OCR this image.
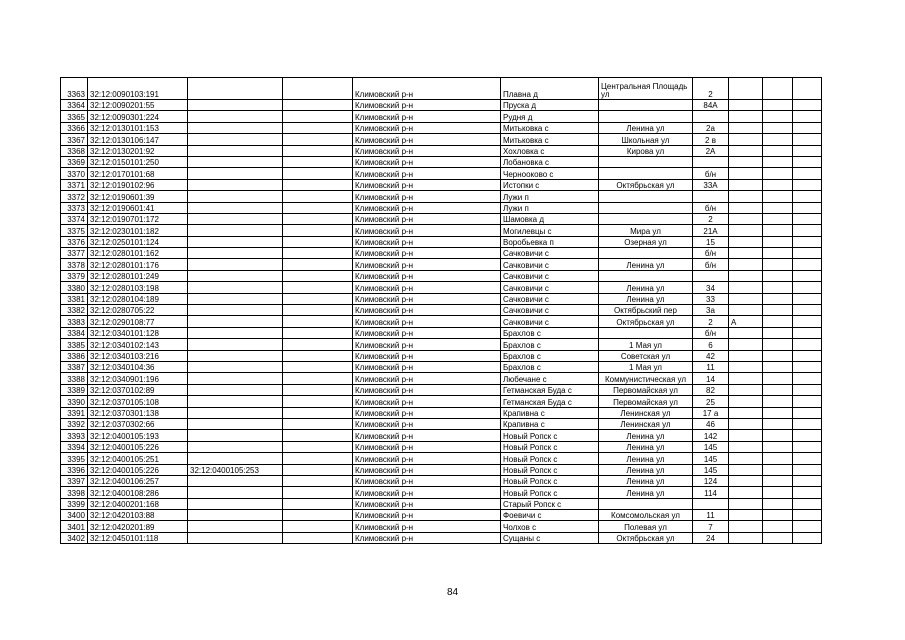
3363	32:12:0090103:191			Климовский р-н	Плавна д	Центральная Площадь ул	2			
3364	32:12:0090201:55			Климовский р-н	Пруска д		84А			
3365	32:12:0090301:224			Климовский р-н	Рудня д					
3366	32:12:0130101:153			Климовский р-н	Митьковка с	Ленина ул	2а			
3367	32:12:0130106:147			Климовский р-н	Митьковка с	Школьная ул	2 в			
3368	32:12:0130201:92			Климовский р-н	Хохловка с	Кирова ул	2А			
3369	32:12:0150101:250			Климовский р-н	Лобановка с					
3370	32:12:0170101:68			Климовский р-н	Чернооково с		б/н			
3371	32:12:0190102:96			Климовский р-н	Истопки с	Октябрьская ул	33А			
3372	32:12:0190601:39			Климовский р-н	Лужи п					
3373	32:12:0190601:41			Климовский р-н	Лужи п		б/н			
3374	32:12:0190701:172			Климовский р-н	Шамовка д		2			
3375	32:12:0230101:182			Климовский р-н	Могилевцы с	Мира ул	21А			
3376	32:12:0250101:124			Климовский р-н	Воробьевка п	Озерная ул	15			
3377	32:12:0280101:162			Климовский р-н	Сачковичи с		б/н			
3378	32:12:0280101:176			Климовский р-н	Сачковичи с	Ленина ул	б/н			
3379	32:12:0280101:249			Климовский р-н	Сачковичи с					
3380	32:12:0280103:198			Климовский р-н	Сачковичи с	Ленина ул	34			
3381	32:12:0280104:189			Климовский р-н	Сачковичи с	Ленина ул	33			
3382	32:12:0280705:22			Климовский р-н	Сачковичи с	Октябрьский пер	3а			
3383	32:12:0290108:77			Климовский р-н	Сачковичи с	Октябрьская ул	2	А		
3384	32:12:0340101:128			Климовский р-н	Брахлов с		б/н			
3385	32:12:0340102:143			Климовский р-н	Брахлов с	1 Мая ул	6			
3386	32:12:0340103:216			Климовский р-н	Брахлов с	Советская ул	42			
3387	32:12:0340104:36			Климовский р-н	Брахлов с	1 Мая ул	11			
3388	32:12:0340901:196			Климовский р-н	Любечане с	Коммунистическая ул	14			
3389	32:12:0370102:89			Климовский р-н	Гетманская Буда с	Первомайская ул	82			
3390	32:12:0370105:108			Климовский р-н	Гетманская Буда с	Первомайская ул	25			
3391	32:12:0370301:138			Климовский р-н	Крапивна с	Ленинская ул	17 а			
3392	32:12:0370302:66			Климовский р-н	Крапивна с	Ленинская ул	46			
3393	32:12:0400105:193			Климовский р-н	Новый Ропск с	Ленина ул	142			
3394	32:12:0400105:226			Климовский р-н	Новый Ропск с	Ленина ул	145			
3395	32:12:0400105:251			Климовский р-н	Новый Ропск с	Ленина ул	145			
3396	32:12:0400105:226	32:12:0400105:253		Климовский р-н	Новый Ропск с	Ленина ул	145			
3397	32:12:0400106:257			Климовский р-н	Новый Ропск с	Ленина ул	124			
3398	32:12:0400108:286			Климовский р-н	Новый Ропск с	Ленина ул	114			
3399	32:12:0400201:168			Климовский р-н	Старый Ропск с					
3400	32:12:0420103:88			Климовский р-н	Фоевичи с	Комсомольская ул	11			
3401	32:12:0420201:89			Климовский р-н	Чолхов с	Полевая ул	7			
3402	32:12:0450101:118			Климовский р-н	Сущаны с	Октябрьская ул	24			
84
